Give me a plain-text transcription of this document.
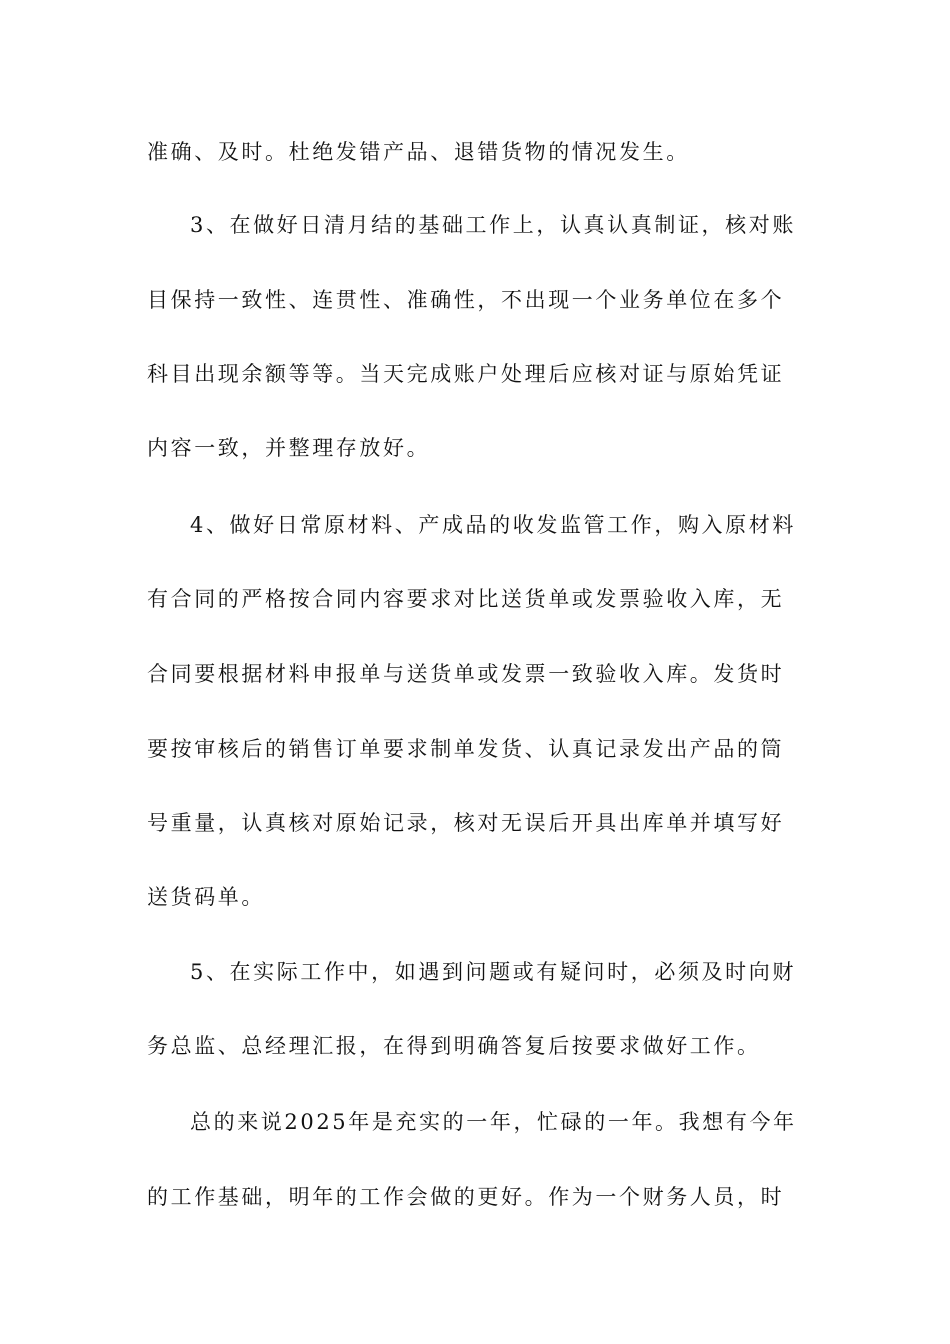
准确、及时。杜绝发错产品、退错货物的情况发生。
3、在做好日清月结的基础工作上，认真认真制证，核对账
目保持一致性、连贯性、准确性，不出现一个业务单位在多个
科目出现余额等等。当天完成账户处理后应核对证与原始凭证
内容一致，并整理存放好。
4、做好日常原材料、产成品的收发监管工作，购入原材料
有合同的严格按合同内容要求对比送货单或发票验收入库，无
合同要根据材料申报单与送货单或发票一致验收入库。发货时
要按审核后的销售订单要求制单发货、认真记录发出产品的筒
号重量，认真核对原始记录，核对无误后开具出库单并填写好
送货码单。
5、在实际工作中，如遇到问题或有疑问时，必须及时向财
务总监、总经理汇报，在得到明确答复后按要求做好工作。
总的来说2025年是充实的一年，忙碌的一年。我想有今年
的工作基础，明年的工作会做的更好。作为一个财务人员，时
